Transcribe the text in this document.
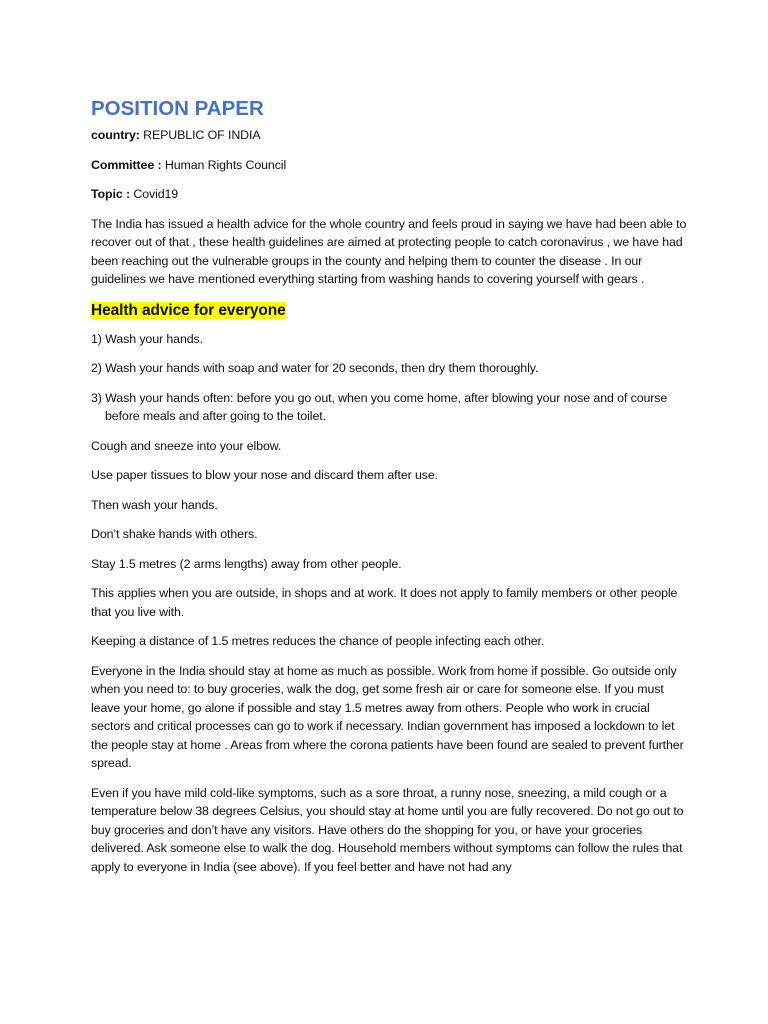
POSITION PAPER
country: REPUBLIC OF INDIA
Committee : Human Rights Council
Topic : Covid19

The India has issued a health advice for the whole country and feels proud in saying we have had been able to recover out of that , these health guidelines are aimed at protecting people to catch coronavirus , we have had been reaching out the vulnerable groups in the county and helping them to counter the disease . In our guidelines we have mentioned everything starting from washing hands to covering yourself with gears .

Health advice for everyone
1) Wash your hands.
2) Wash your hands with soap and water for 20 seconds, then dry them thoroughly.
3) Wash your hands often: before you go out, when you come home, after blowing your nose and of course before meals and after going to the toilet.

Cough and sneeze into your elbow.

Use paper tissues to blow your nose and discard them after use.

Then wash your hands.

Don’t shake hands with others.

Stay 1.5 metres (2 arms lengths) away from other people.

This applies when you are outside, in shops and at work. It does not apply to family members or other people that you live with.

Keeping a distance of 1.5 metres reduces the chance of people infecting each other.

Everyone in the India should stay at home as much as possible. Work from home if possible. Go outside only when you need to: to buy groceries, walk the dog, get some fresh air or care for someone else. If you must leave your home, go alone if possible and stay 1.5 metres away from others. People who work in crucial sectors and critical processes can go to work if necessary. Indian government has imposed a lockdown to let the people stay at home . Areas from where the corona patients have been found are sealed to prevent further spread.

Even if you have mild cold-like symptoms, such as a sore throat, a runny nose, sneezing, a mild cough or a temperature below 38 degrees Celsius, you should stay at home until you are fully recovered. Do not go out to buy groceries and don’t have any visitors. Have others do the shopping for you, or have your groceries delivered. Ask someone else to walk the dog. Household members without symptoms can follow the rules that apply to everyone in India (see above). If you feel better and have not had any
